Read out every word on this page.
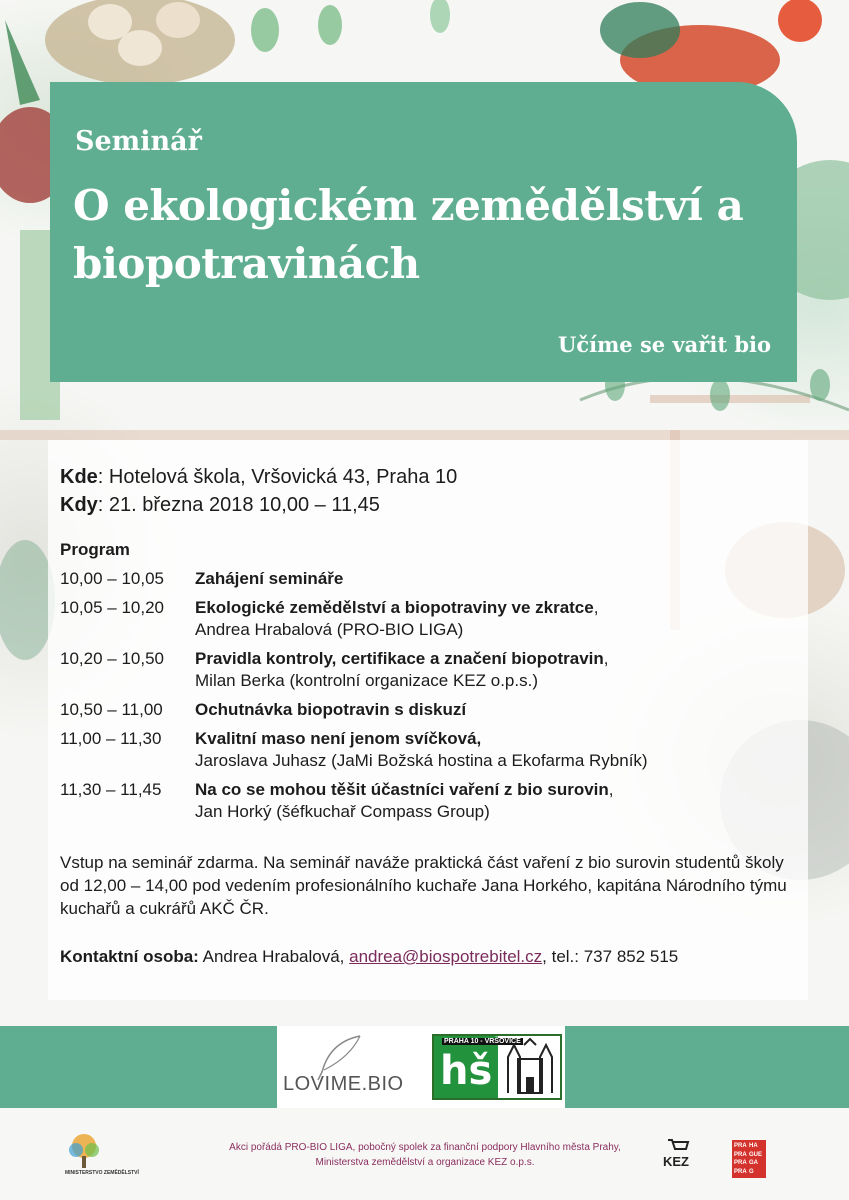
Seminář
O ekologickém zemědělství a biopotravinách
Učíme se vařit bio
Kde: Hotelová škola, Vršovická 43, Praha 10
Kdy: 21. března 2018 10,00 – 11,45
Program
10,00 – 10,05	Zahájení semináře
10,05 – 10,20	Ekologické zemědělství a biopotraviny ve zkratce,
Andrea Hrabalová (PRO-BIO LIGA)
10,20 – 10,50	Pravidla kontroly, certifikace a značení biopotravin,
Milan Berka (kontrolní organizace KEZ o.p.s.)
10,50 – 11,00	Ochutnávka biopotravin s diskuzí
11,00 – 11,30	Kvalitní maso není jenom svíčková,
Jaroslava Juhasz (JaMi Božská hostina a Ekofarma Rybník)
11,30 – 11,45	Na co se mohou těšit účastníci vaření z bio surovin,
Jan Horký (šéfkuchař Compass Group)
Vstup na seminář zdarma. Na seminář naváže praktická část vaření z bio surovin studentů školy od 12,00 – 14,00 pod vedením profesionálního kuchaře Jana Horkého, kapitána Národního týmu kuchařů a cukrářů AKČ ČR.
Kontaktní osoba: Andrea Hrabalová, andrea@biospotrebitel.cz, tel.: 737 852 515
LOVIME.BIO
PRAHA 10 - VRŠOVICE
hš
MINISTERSTVO ZEMĚDĚLSTVÍ
Akci pořádá PRO-BIO LIGA, pobočný spolek za finanční podpory Hlavního města Prahy,
Ministerstva zemědělství a organizace KEZ o.p.s.	KEZ
PRA HA
PRA GUE
PRA GA
PRA G
